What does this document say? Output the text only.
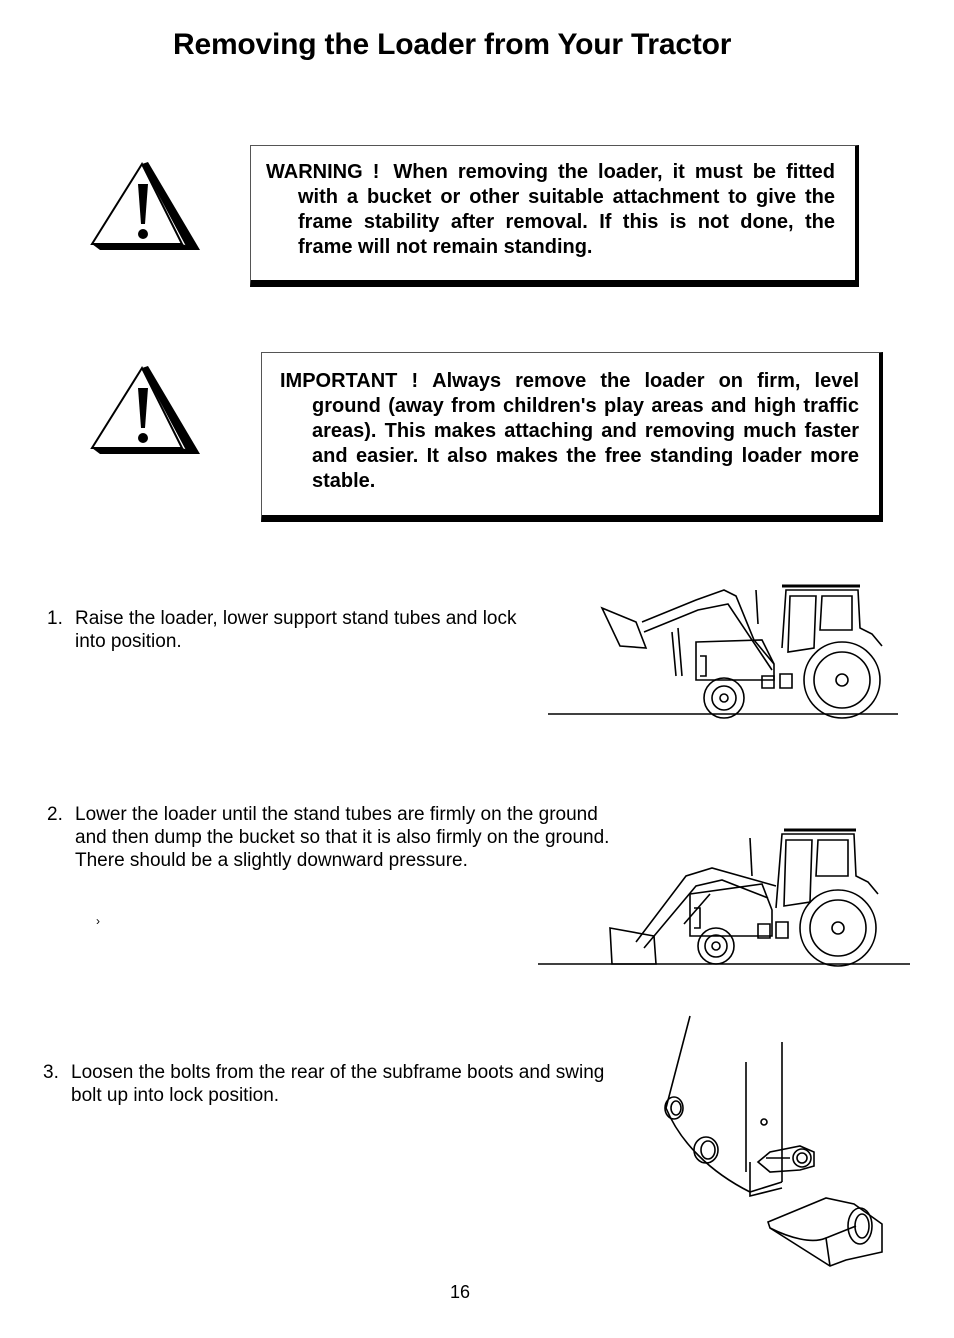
Removing the Loader from Your Tractor

WARNING ! When removing the loader, it must be fitted with a bucket or other suitable attachment to give the frame stability after removal. If this is not done, the frame will not remain standing.

IMPORTANT ! Always remove the loader on firm, level ground (away from children's play areas and high traffic areas). This makes attaching and removing much faster and easier. It also makes the free standing loader more stable.

1. Raise the loader, lower support stand tubes and lock into position.
2. Lower the loader until the stand tubes are firmly on the ground and then dump the bucket so that it is also firmly on the ground. There should be a slightly downward pressure.
›
3. Loosen the bolts from the rear of the subframe boots and swing bolt up into lock position.
16
